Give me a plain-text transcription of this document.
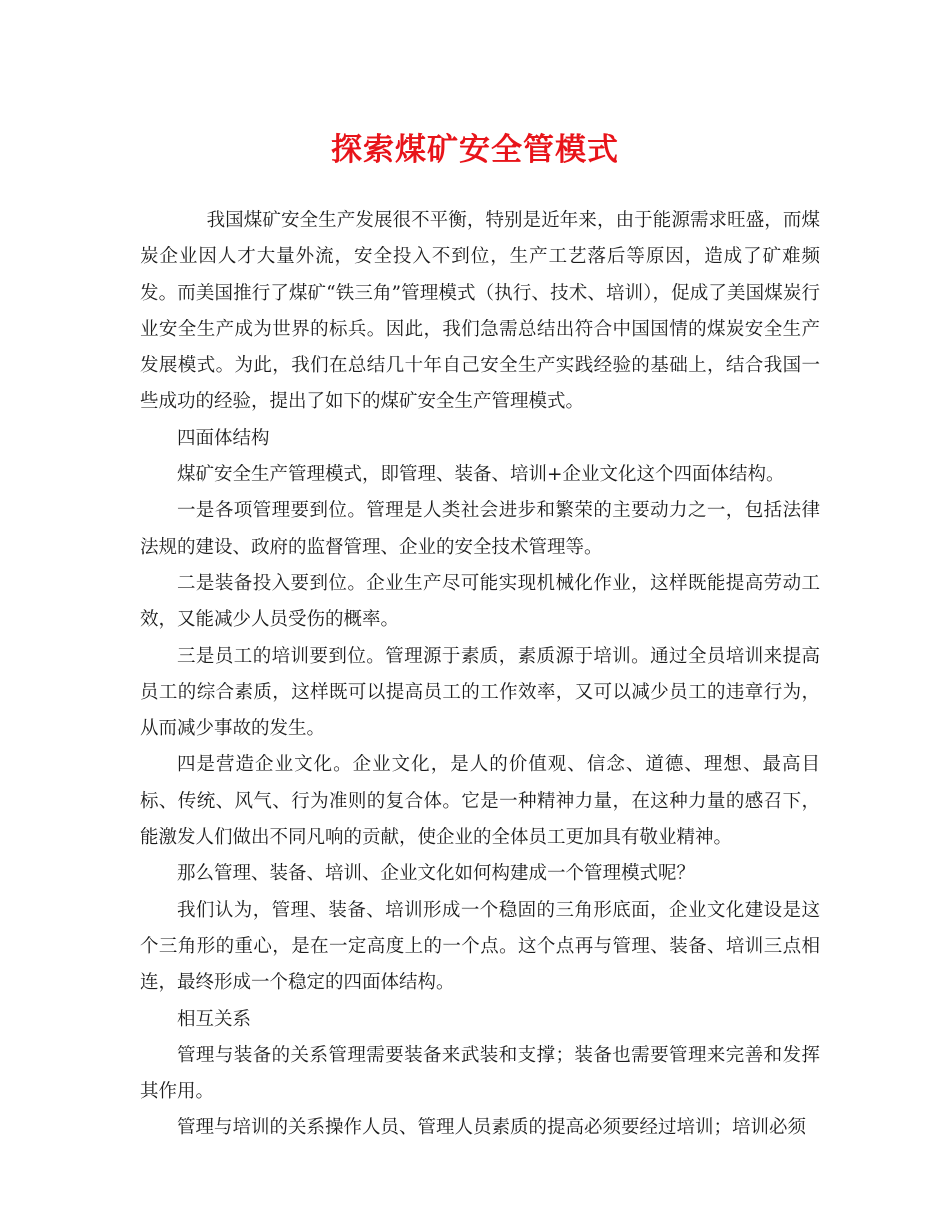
探索煤矿安全管模式

我国煤矿安全生产发展很不平衡，特别是近年来，由于能源需求旺盛，而煤炭企业因人才大量外流，安全投入不到位，生产工艺落后等原因，造成了矿难频发。而美国推行了煤矿“铁三角”管理模式（执行、技术、培训），促成了美国煤炭行业安全生产成为世界的标兵。因此，我们急需总结出符合中国国情的煤炭安全生产发展模式。为此，我们在总结几十年自己安全生产实践经验的基础上，结合我国一些成功的经验，提出了如下的煤矿安全生产管理模式。

四面体结构

煤矿安全生产管理模式，即管理、装备、培训+企业文化这个四面体结构。

一是各项管理要到位。管理是人类社会进步和繁荣的主要动力之一，包括法律法规的建设、政府的监督管理、企业的安全技术管理等。

二是装备投入要到位。企业生产尽可能实现机械化作业，这样既能提高劳动工效，又能减少人员受伤的概率。

三是员工的培训要到位。管理源于素质，素质源于培训。通过全员培训来提高员工的综合素质，这样既可以提高员工的工作效率，又可以减少员工的违章行为，从而减少事故的发生。

四是营造企业文化。企业文化，是人的价值观、信念、道德、理想、最高目标、传统、风气、行为准则的复合体。它是一种精神力量，在这种力量的感召下，能激发人们做出不同凡响的贡献，使企业的全体员工更加具有敬业精神。

那么管理、装备、培训、企业文化如何构建成一个管理模式呢？

我们认为，管理、装备、培训形成一个稳固的三角形底面，企业文化建设是这个三角形的重心，是在一定高度上的一个点。这个点再与管理、装备、培训三点相连，最终形成一个稳定的四面体结构。

相互关系

管理与装备的关系管理需要装备来武装和支撑；装备也需要管理来完善和发挥其作用。

管理与培训的关系操作人员、管理人员素质的提高必须要经过培训；培训必须
